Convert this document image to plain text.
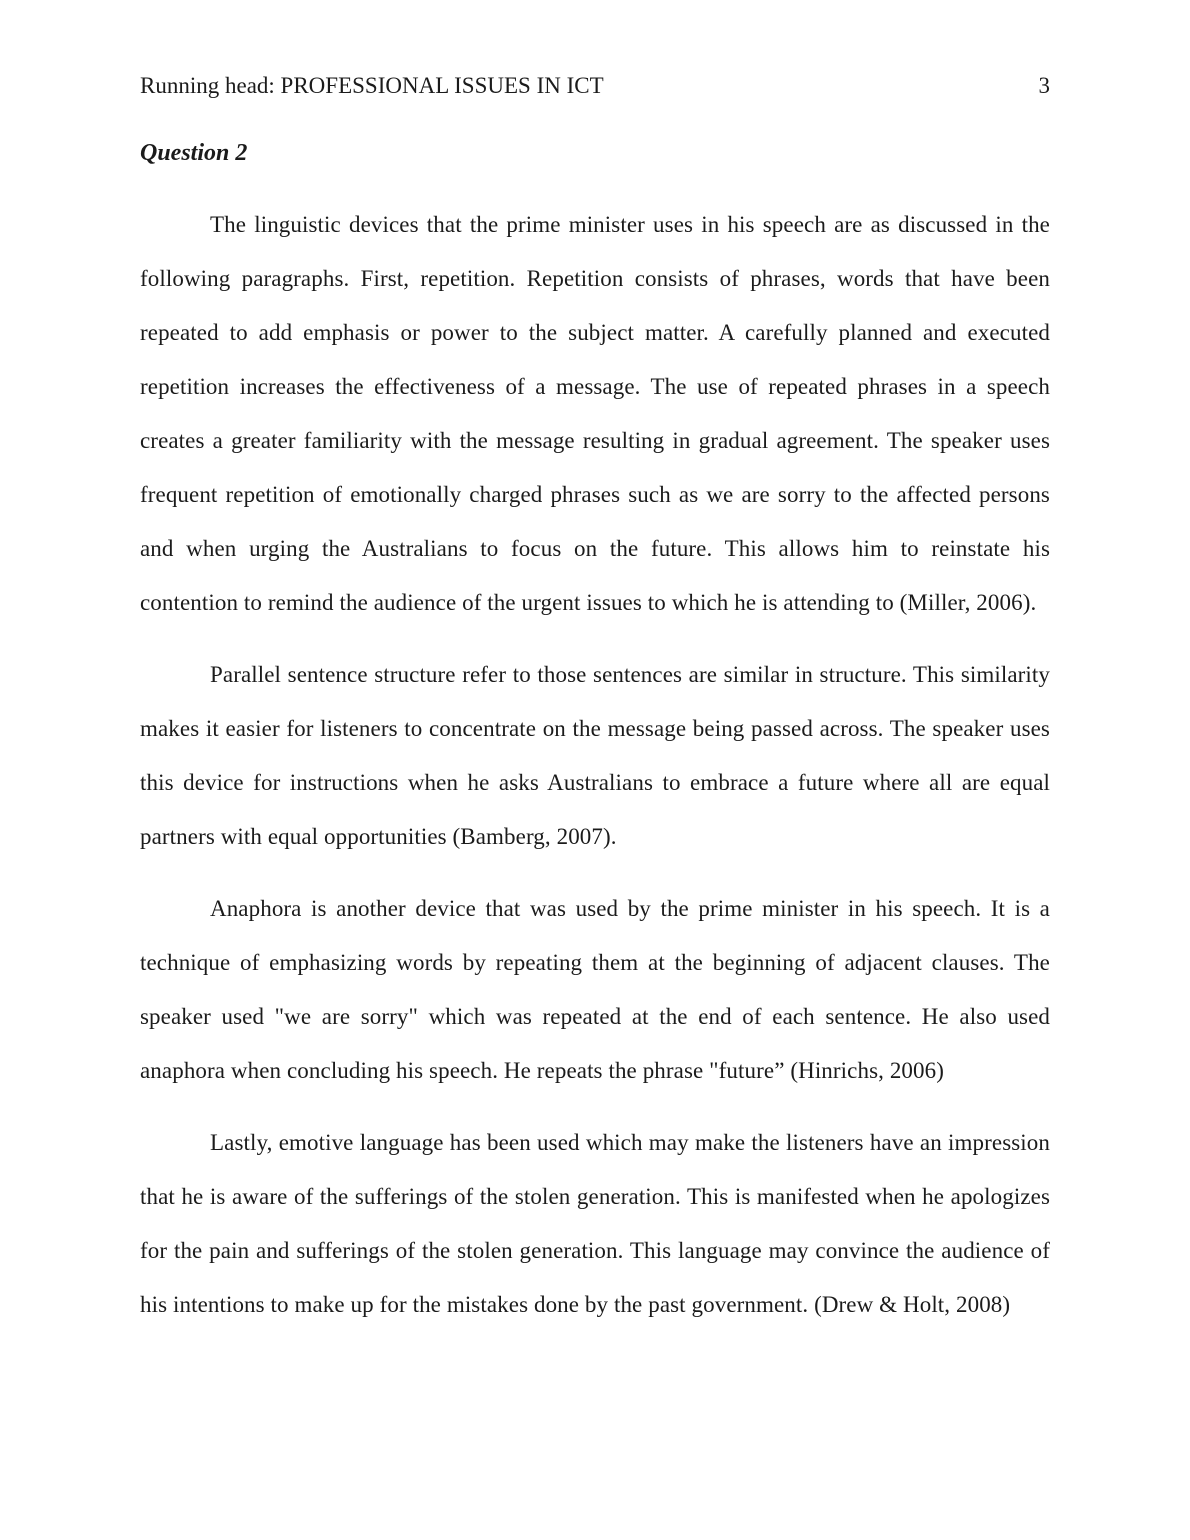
Running head: PROFESSIONAL ISSUES IN ICT	3
Question 2

The linguistic devices that the prime minister uses in his speech are as discussed in the following paragraphs. First, repetition. Repetition consists of phrases, words that have been repeated to add emphasis or power to the subject matter. A carefully planned and executed repetition increases the effectiveness of a message. The use of repeated phrases in a speech creates a greater familiarity with the message resulting in gradual agreement. The speaker uses frequent repetition of emotionally charged phrases such as we are sorry to the affected persons and when urging the Australians to focus on the future. This allows him to reinstate his contention to remind the audience of the urgent issues to which he is attending to (Miller, 2006).

Parallel sentence structure refer to those sentences are similar in structure. This similarity makes it easier for listeners to concentrate on the message being passed across. The speaker uses this device for instructions when he asks Australians to embrace a future where all are equal partners with equal opportunities (Bamberg, 2007).

Anaphora is another device that was used by the prime minister in his speech. It is a technique of emphasizing words by repeating them at the beginning of adjacent clauses. The speaker used "we are sorry" which was repeated at the end of each sentence. He also used anaphora when concluding his speech. He repeats the phrase "future” (Hinrichs, 2006)

Lastly, emotive language has been used which may make the listeners have an impression that he is aware of the sufferings of the stolen generation. This is manifested when he apologizes for the pain and sufferings of the stolen generation. This language may convince the audience of his intentions to make up for the mistakes done by the past government. (Drew & Holt, 2008)
